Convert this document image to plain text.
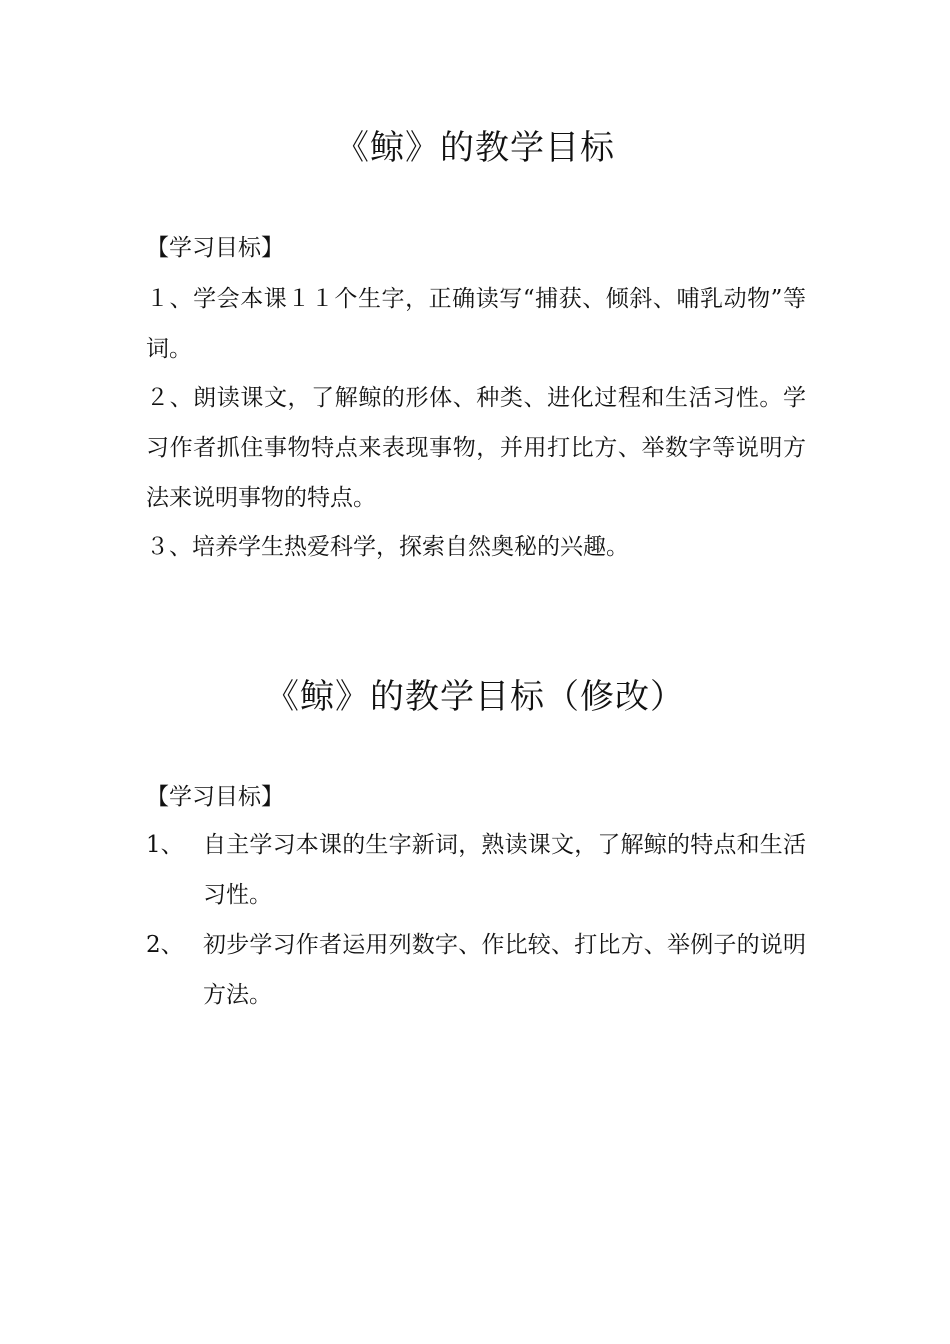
《鲸》的教学目标
【学习目标】
１、学会本课１１个生字，正确读写“捕获、倾斜、哺乳动物”等词。
２、朗读课文，了解鲸的形体、种类、进化过程和生活习性。学习作者抓住事物特点来表现事物，并用打比方、举数字等说明方法来说明事物的特点。
３、培养学生热爱科学，探索自然奥秘的兴趣。
《鲸》的教学目标（修改）
【学习目标】
1、 自主学习本课的生字新词，熟读课文，了解鲸的特点和生活习性。
2、 初步学习作者运用列数字、作比较、打比方、举例子的说明方法。
